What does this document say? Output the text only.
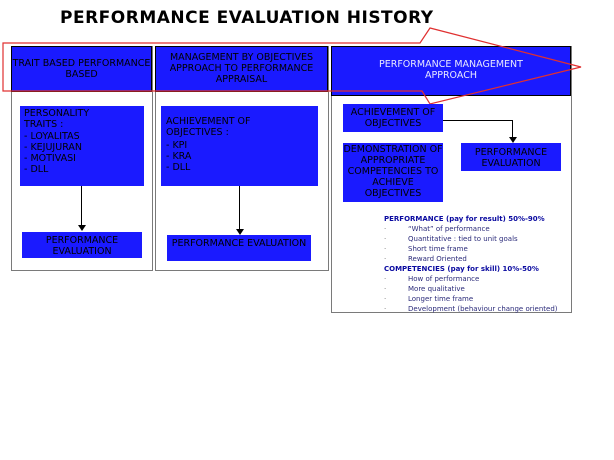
PERFORMANCE EVALUATION HISTORY
TRAIT BASED PERFORMANCE BASED
MANAGEMENT BY OBJECTIVES APPROACH TO PERFORMANCE APPRAISAL
PERFORMANCE MANAGEMENT APPROACH
PERSONALITY TRAITS :
- LOYALITAS
- KEJUJURAN
- MOTIVASI
- DLL
PERFORMANCE EVALUATION
ACHIEVEMENT OF OBJECTIVES :
- KPI
- KRA
- DLL
PERFORMANCE EVALUATION
ACHIEVEMENT OF OBJECTIVES
DEMONSTRATION OF APPROPRIATE COMPETENCIES TO ACHIEVE OBJECTIVES
PERFORMANCE EVALUATION
PERFORMANCE (pay for result) 50%-90%
·	“What” of performance
·	Quantitative : tied to unit goals
·	Short time frame
·	Reward Oriented
COMPETENCIES (pay for skill) 10%-50%
·	How of performance
·	More qualitative
·	Longer time frame
·	Development (behaviour change oriented)
